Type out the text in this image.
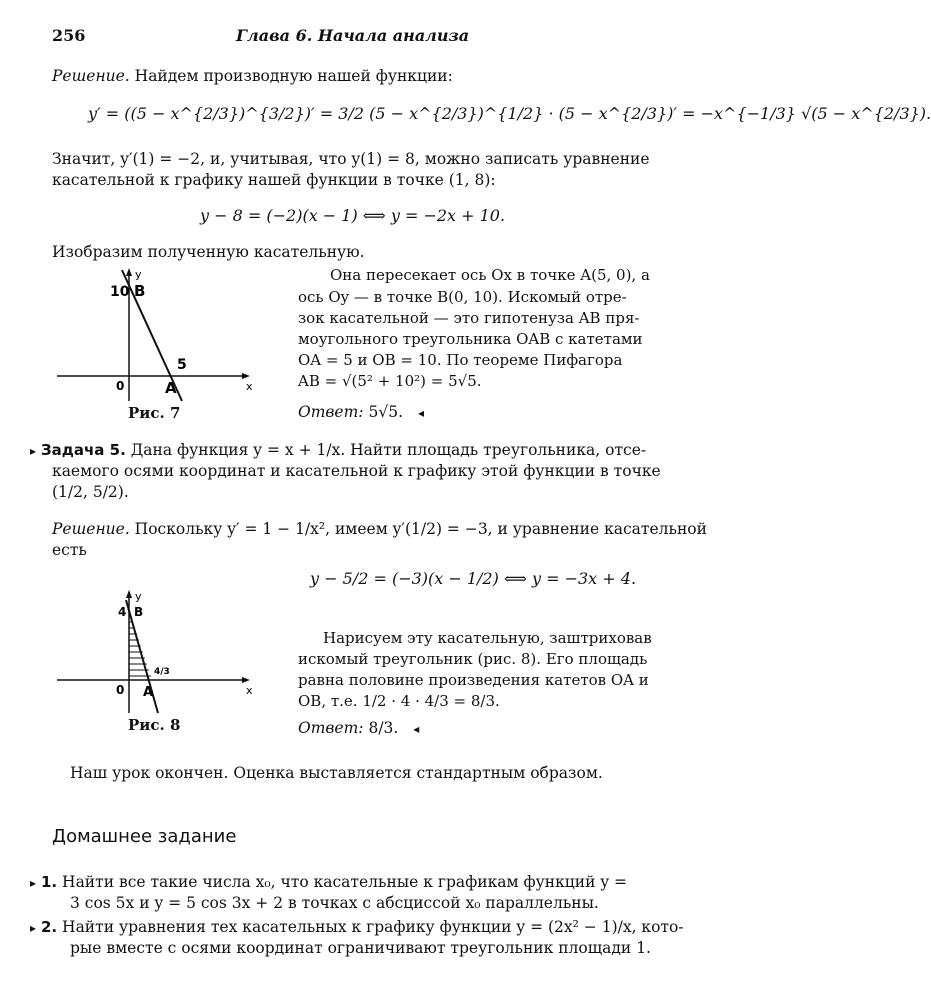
256	Глава 6. Начала анализа
Решение. Найдем производную нашей функции:
y′ = ((5 − x^{2/3})^{3/2})′ = 3/2 (5 − x^{2/3})^{1/2} · (5 − x^{2/3})′ = −x^{−1/3} √(5 − x^{2/3}).
Значит, y′(1) = −2, и, учитывая, что y(1) = 8, можно записать уравнение
касательной к графику нашей функции в точке (1, 8):
y − 8 = (−2)(x − 1) ⟺ y = −2x + 10.
Изобразим полученную касательную.
10 B
5
0	A	x
y
Рис. 7
Она пересекает ось Ox в точке A(5, 0), а
ось Oy — в точке B(0, 10). Искомый отре-
зок касательной — это гипотенуза AB пря-
моугольного треугольника OAB с катетами
OA = 5 и OB = 10. По теореме Пифагора
AB = √(5² + 10²) = 5√5.
Ответ: 5√5. ◂
▸ Задача 5. Дана функция y = x + 1/x. Найти площадь треугольника, отсе-
каемого осями координат и касательной к графику этой функции в точке
(1/2, 5/2).
Решение. Поскольку y′ = 1 − 1/x², имеем y′(1/2) = −3, и уравнение касательной
есть
y − 5/2 = (−3)(x − 1/2) ⟺ y = −3x + 4.
4 B
4/3
0 A	x
y
Рис. 8
Нарисуем эту касательную, заштриховав
искомый треугольник (рис. 8). Его площадь
равна половине произведения катетов OA и
OB, т.е. 1/2 · 4 · 4/3 = 8/3.
Ответ: 8/3. ◂
Наш урок окончен. Оценка выставляется стандартным образом.
Домашнее задание
▸ 1. Найти все такие числа x₀, что касательные к графикам функций y =
3 cos 5x и y = 5 cos 3x + 2 в точках с абсциссой x₀ параллельны.
▸ 2. Найти уравнения тех касательных к графику функции y = (2x² − 1)/x, кото-
рые вместе с осями координат ограничивают треугольник площади 1.
